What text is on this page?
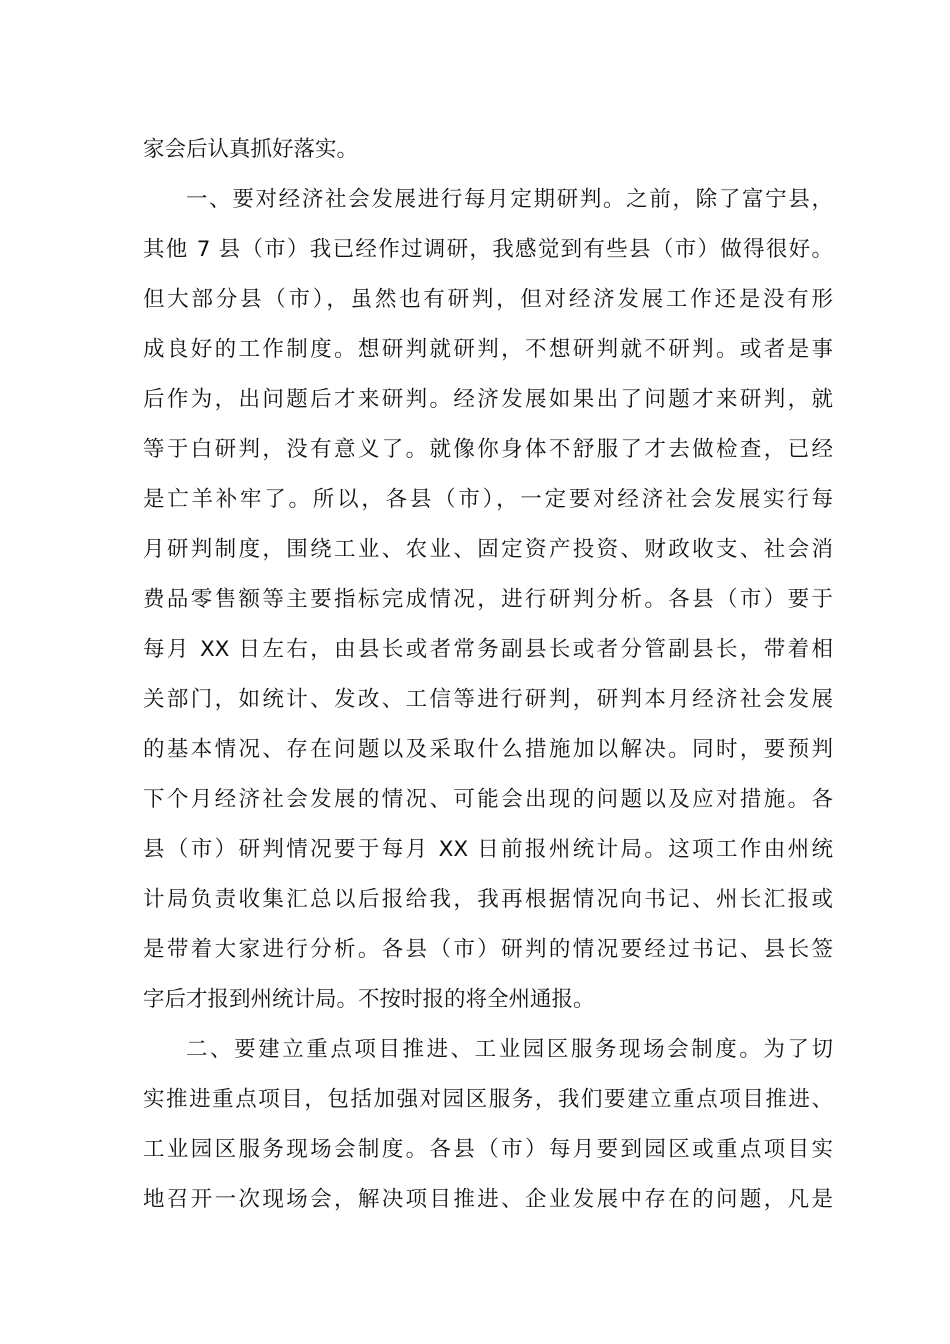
家会后认真抓好落实。
一、要对经济社会发展进行每月定期研判。之前，除了富宁县，
其他 7 县（市）我已经作过调研，我感觉到有些县（市）做得很好。
但大部分县（市），虽然也有研判，但对经济发展工作还是没有形
成良好的工作制度。想研判就研判，不想研判就不研判。或者是事
后作为，出问题后才来研判。经济发展如果出了问题才来研判，就
等于白研判，没有意义了。就像你身体不舒服了才去做检查，已经
是亡羊补牢了。所以，各县（市），一定要对经济社会发展实行每
月研判制度，围绕工业、农业、固定资产投资、财政收支、社会消
费品零售额等主要指标完成情况，进行研判分析。各县（市）要于
每月 XX 日左右，由县长或者常务副县长或者分管副县长，带着相
关部门，如统计、发改、工信等进行研判，研判本月经济社会发展
的基本情况、存在问题以及采取什么措施加以解决。同时，要预判
下个月经济社会发展的情况、可能会出现的问题以及应对措施。各
县（市）研判情况要于每月 XX 日前报州统计局。这项工作由州统
计局负责收集汇总以后报给我，我再根据情况向书记、州长汇报或
是带着大家进行分析。各县（市）研判的情况要经过书记、县长签
字后才报到州统计局。不按时报的将全州通报。
二、要建立重点项目推进、工业园区服务现场会制度。为了切
实推进重点项目，包括加强对园区服务，我们要建立重点项目推进、
工业园区服务现场会制度。各县（市）每月要到园区或重点项目实
地召开一次现场会，解决项目推进、企业发展中存在的问题，凡是
